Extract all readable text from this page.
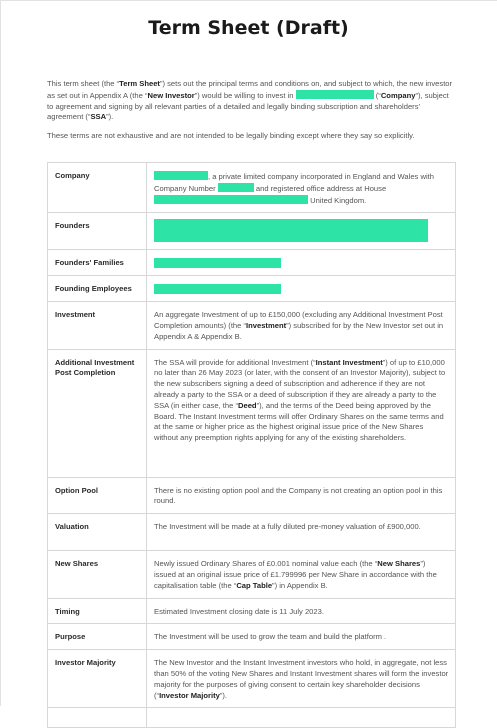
Term Sheet (Draft)

This term sheet (the “Term Sheet”) sets out the principal terms and conditions on, and subject to which, the new investor as set out in Appendix A (the “New Investor”) would be willing to invest in	(“Company”), subject to agreement and signing by all relevant parties of a detailed and legally binding subscription and shareholders’ agreement (“SSA”).

These terms are not exhaustive and are not intended to be legally binding except where they say so explicitly.

Company	, a private limited company incorporated in England and Wales with Company Number and registered office address at House  United Kingdom.
Founders	

Founders' Families	

Founding Employees	

Investment	An aggregate Investment of up to £150,000 (excluding any Additional Investment Post Completion amounts) (the “Investment”) subscribed for by the New Investor set out in Appendix A & Appendix B.
Additional Investment Post Completion	The SSA will provide for additional Investment (“Instant Investment”) of up to £10,000 no later than 26 May 2023 (or later, with the consent of an Investor Majority), subject to the new subscribers signing a deed of subscription and adherence if they are not already a party to the SSA or a deed of subscription if they are already a party to the SSA (in either case, the “Deed”), and the terms of the Deed being approved by the Board. The Instant Investment terms will offer Ordinary Shares on the same terms and at the same or higher price as the highest original issue price of the New Shares without any preemption rights applying for any of the existing shareholders.
Option Pool	There is no existing option pool and the Company is not creating an option pool in this round.
Valuation	The Investment will be made at a fully diluted pre-money valuation of £900,000.
New Shares	Newly issued Ordinary Shares of £0.001 nominal value each (the “New Shares”) issued at an original issue price of £1.799996 per New Share in accordance with the capitalisation table (the “Cap Table”) in Appendix B.
Timing	Estimated Investment closing date is 11 July 2023.
Purpose	The Investment will be used to grow the team and build the platform .
Investor Majority	The New Investor and the Instant Investment investors who hold, in aggregate, not less than 50% of the voting New Shares and Instant Investment shares will form the investor majority for the purposes of giving consent to certain key shareholder decisions (“Investor Majority”).
